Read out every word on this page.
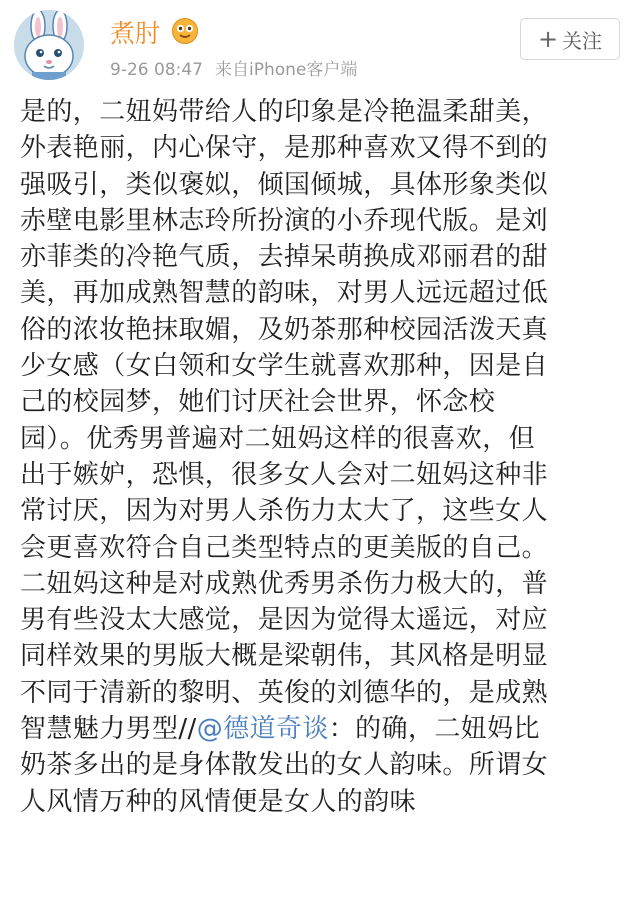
煮肘
9-26 08:47 来自iPhone客户端
+ 关注
是的，二妞妈带给人的印象是冷艳温柔甜美，
外表艳丽，内心保守，是那种喜欢又得不到的
强吸引，类似褒姒，倾国倾城，具体形象类似
赤壁电影里林志玲所扮演的小乔现代版。是刘
亦菲类的冷艳气质，去掉呆萌换成邓丽君的甜
美，再加成熟智慧的韵味，对男人远远超过低
俗的浓妆艳抹取媚，及奶茶那种校园活泼天真
少女感（女白领和女学生就喜欢那种，因是自
己的校园梦，她们讨厌社会世界，怀念校
园）。优秀男普遍对二妞妈这样的很喜欢，但
出于嫉妒，恐惧，很多女人会对二妞妈这种非
常讨厌，因为对男人杀伤力太大了，这些女人
会更喜欢符合自己类型特点的更美版的自己。
二妞妈这种是对成熟优秀男杀伤力极大的，普
男有些没太大感觉，是因为觉得太遥远，对应
同样效果的男版大概是梁朝伟，其风格是明显
不同于清新的黎明、英俊的刘德华的，是成熟
智慧魅力男型//@德道奇谈：的确，二妞妈比
奶茶多出的是身体散发出的女人韵味。所谓女
人风情万种的风情便是女人的韵味
